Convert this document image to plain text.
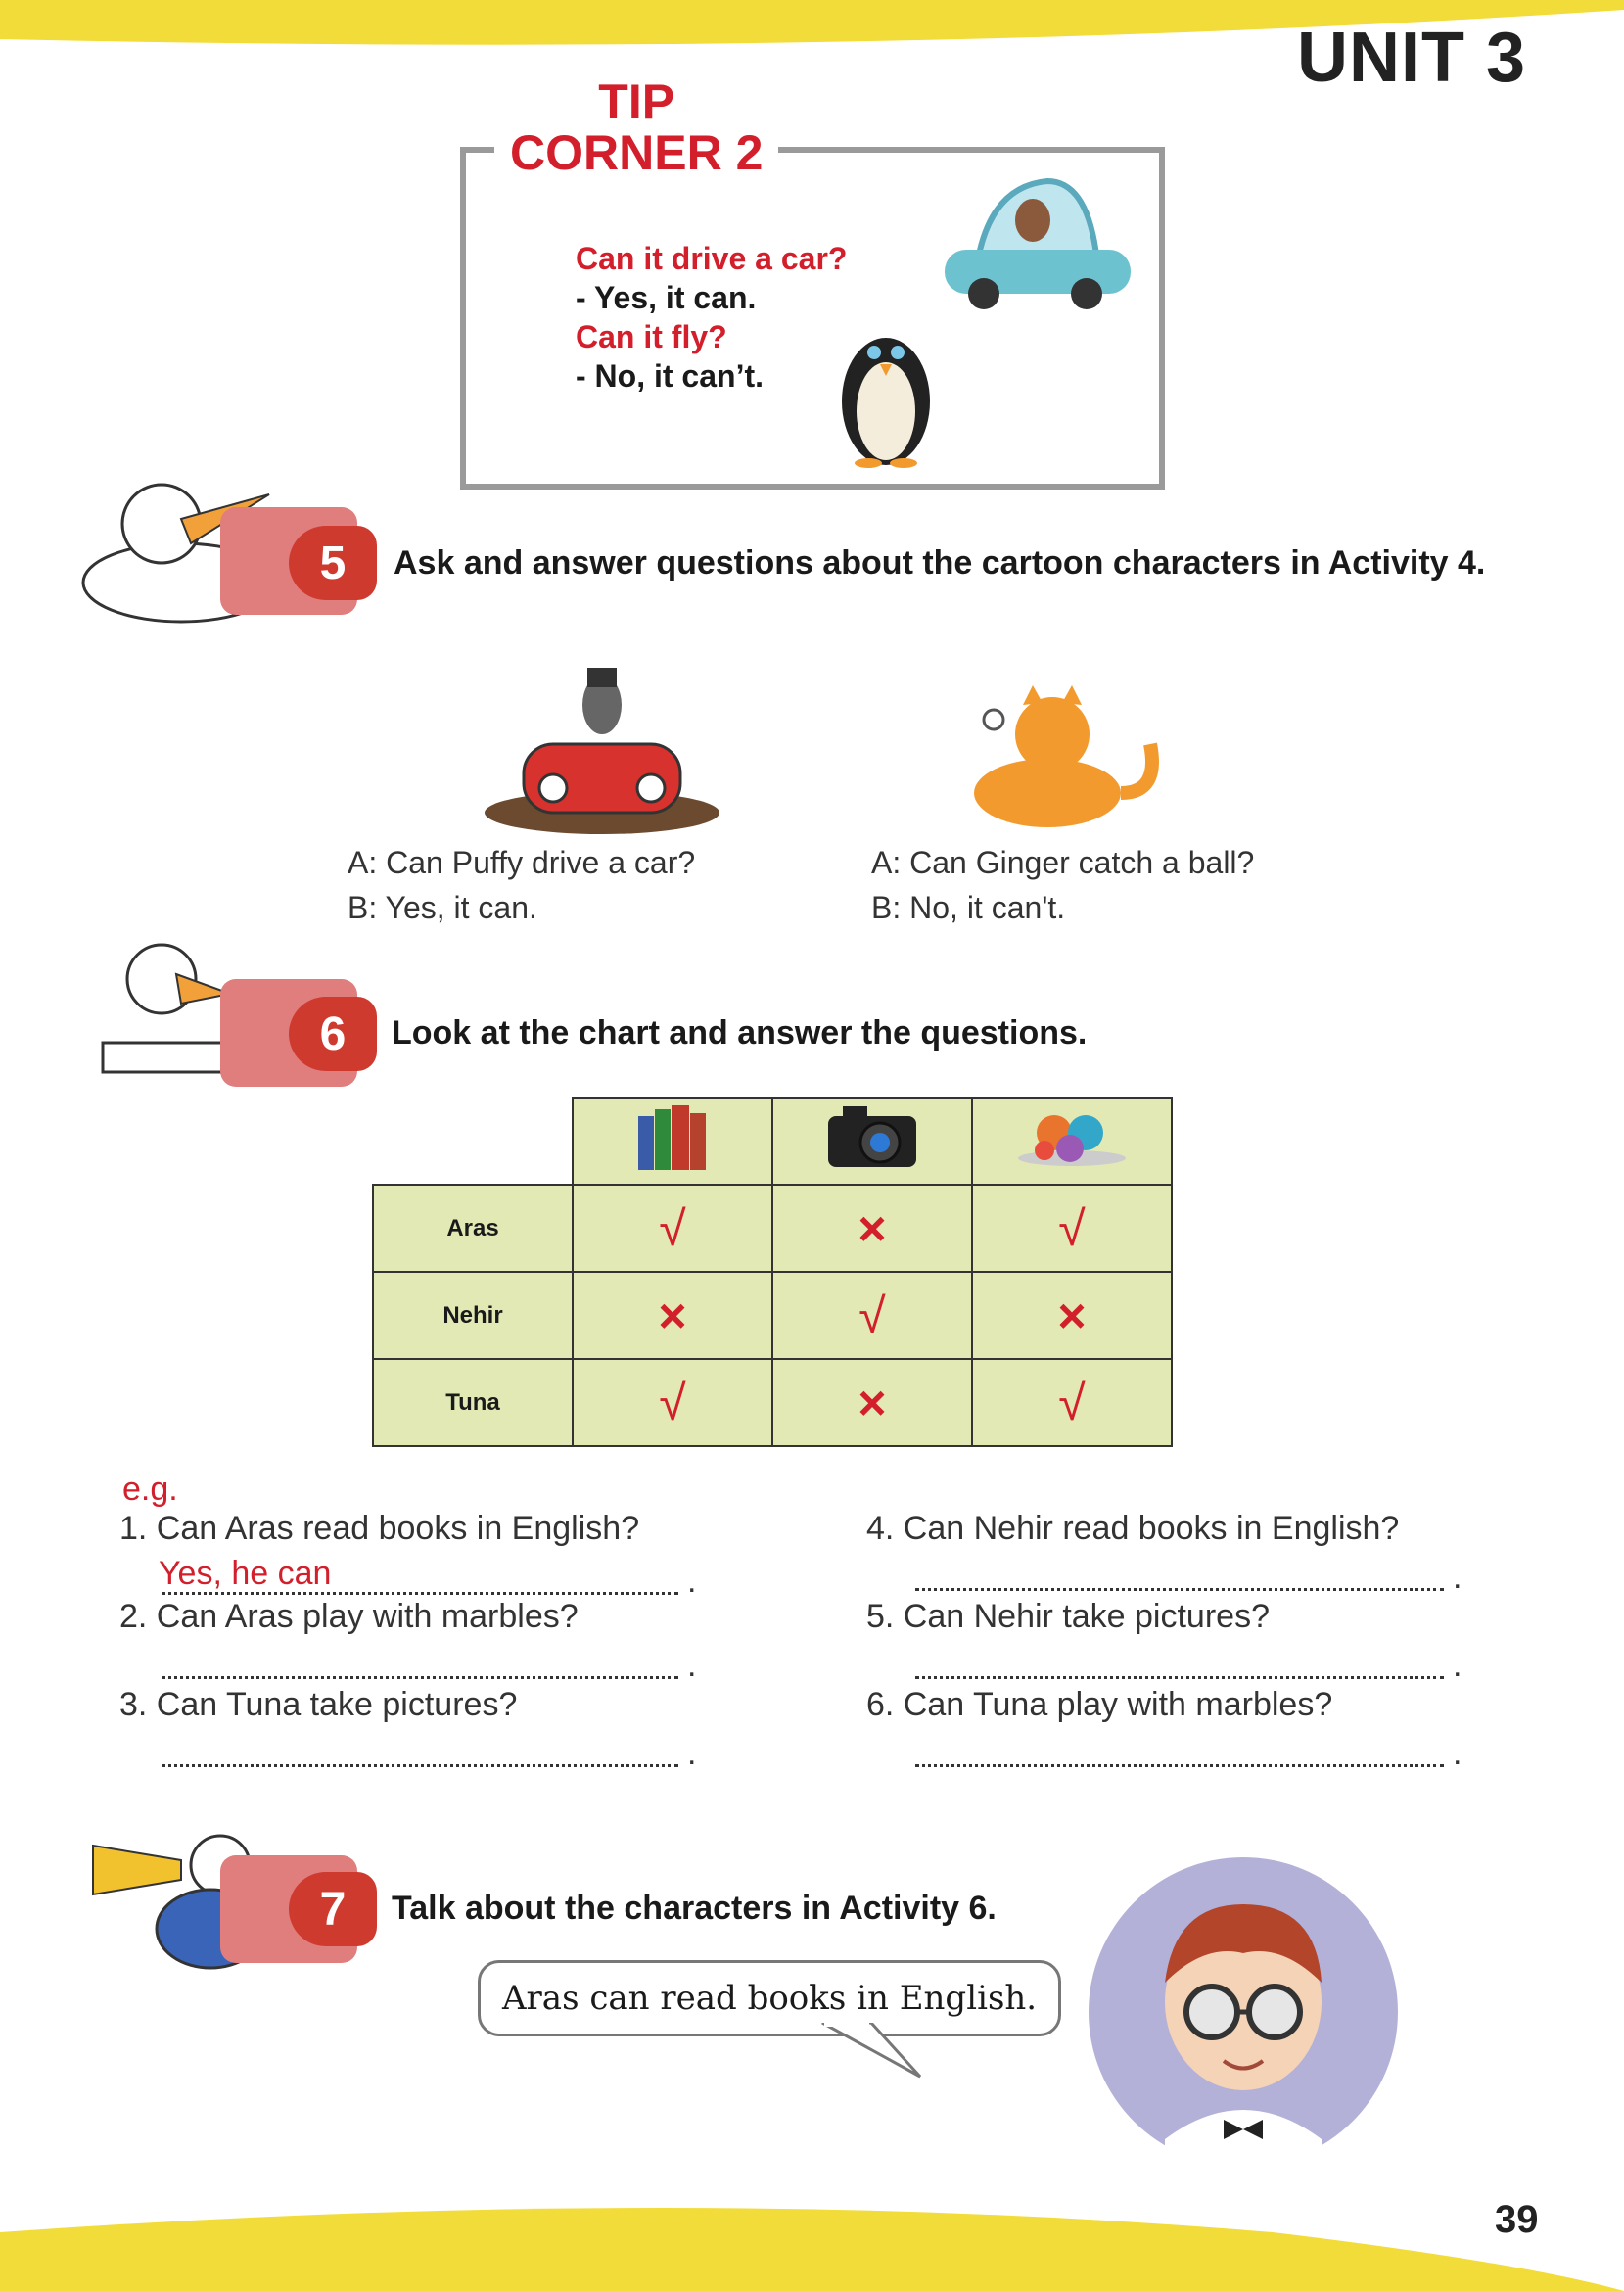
UNIT 3
TIP
CORNER 2
Can it drive a car?
- Yes, it can.
Can it fly?
- No, it can’t.
5	Ask and answer questions about the cartoon characters in Activity 4.
A: Can Puffy drive a car?
B: Yes, it can.
A: Can Ginger catch a ball?
B: No, it can't.
6	Look at the chart and answer the questions.

Aras	√	×	√
Nehir	×	√	×
Tuna	√	×	√
e.g.
1. Can Aras read books in English?
Yes, he can	.
2. Can Aras play with marbles?
.
3. Can Tuna take pictures?
.
4. Can Nehir read books in English?
.
5. Can Nehir take pictures?
.
6. Can Tuna play with marbles?
.
7	Talk about the characters in Activity 6.
Aras can read books in English.
39
